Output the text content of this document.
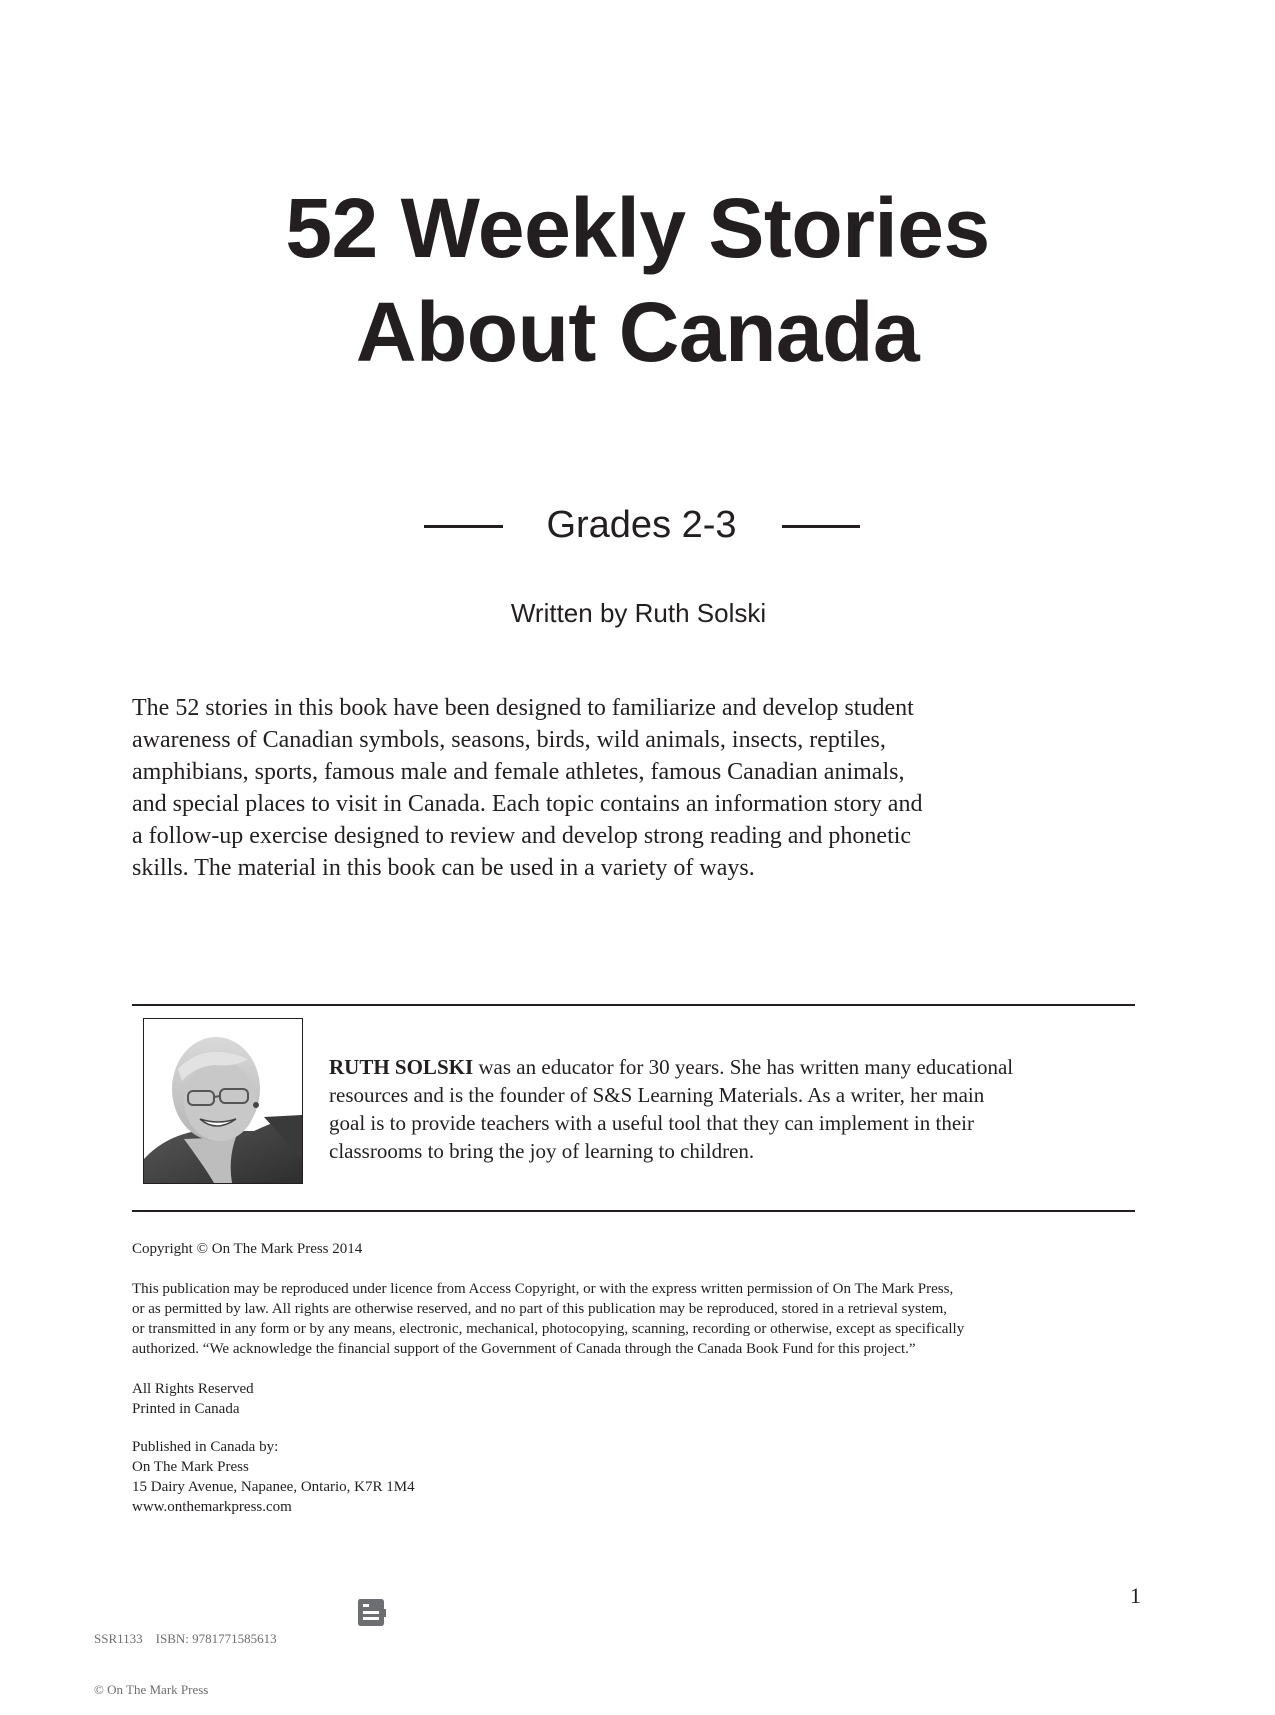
52 Weekly Stories
About Canada
Grades 2-3
Written by Ruth Solski
The 52 stories in this book have been designed to familiarize and develop student
awareness of Canadian symbols, seasons, birds, wild animals, insects, reptiles,
amphibians, sports, famous male and female athletes, famous Canadian animals,
and special places to visit in Canada. Each topic contains an information story and
a follow-up exercise designed to review and develop strong reading and phonetic
skills. The material in this book can be used in a variety of ways.
RUTH SOLSKI was an educator for 30 years. She has written many educational
resources and is the founder of S&S Learning Materials. As a writer, her main
goal is to provide teachers with a useful tool that they can implement in their
classrooms to bring the joy of learning to children.
Copyright © On The Mark Press 2014
This publication may be reproduced under licence from Access Copyright, or with the express written permission of On The Mark Press,
or as permitted by law. All rights are otherwise reserved, and no part of this publication may be reproduced, stored in a retrieval system,
or transmitted in any form or by any means, electronic, mechanical, photocopying, scanning, recording or otherwise, except as specifically
authorized. “We acknowledge the financial support of the Government of Canada through the Canada Book Fund for this project.”
All Rights Reserved
Printed in Canada
Published in Canada by:
On The Mark Press
15 Dairy Avenue, Napanee, Ontario, K7R 1M4
www.onthemarkpress.com

SSR1133    ISBN: 9781771585613

© On The Mark Press

1
